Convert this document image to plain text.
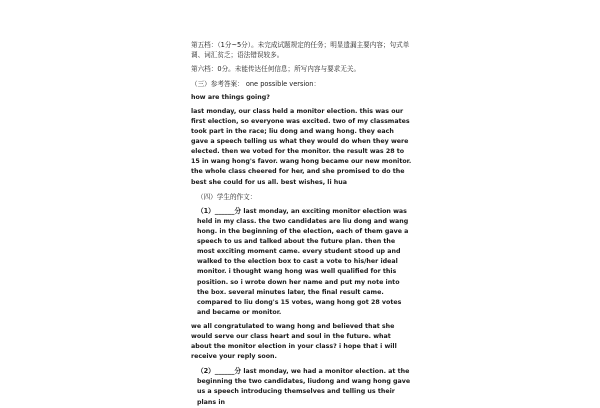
第五档：（1分~5分）。未完成试题规定的任务；明显遗漏主要内容；句式单调、词汇贫乏；语法错误较多。

第六档：0分。未能传达任何信息；所写内容与要求无关。

（三）参考答案： one possible version：

how are things going?

last monday, our class held a monitor election. this was our first election, so everyone was excited. two of my classmates took part in the race; liu dong and wang hong. they each gave a speech telling us what they would do when they were elected. then we voted for the monitor. the result was 28 to 15 in wang hong's favor. wang hong became our new monitor. the whole class cheered for her, and she promised to do the best she could for us all. best wishes, li hua

（四）学生的作文：

（1）______分 last monday, an exciting monitor election was held in my class. the two candidates are liu dong and wang hong. in the beginning of the election, each of them gave a speech to us and talked about the future plan. then the most exciting moment came. every student stood up and walked to the election box to cast a vote to his/her ideal monitor. i thought wang hong was well qualified for this position. so i wrote down her name and put my note into the box. several minutes later, the final result came. compared to liu dong's 15 votes, wang hong got 28 votes and became or monitor.

we all congratulated to wang hong and believed that she would serve our class heart and soul in the future. what about the monitor election in your class? i hope that i will receive your reply soon.

（2）______分 last monday, we had a monitor election. at the beginning the two candidates, liudong and wang hong gave us a speech introducing themselves and telling us their plans in
